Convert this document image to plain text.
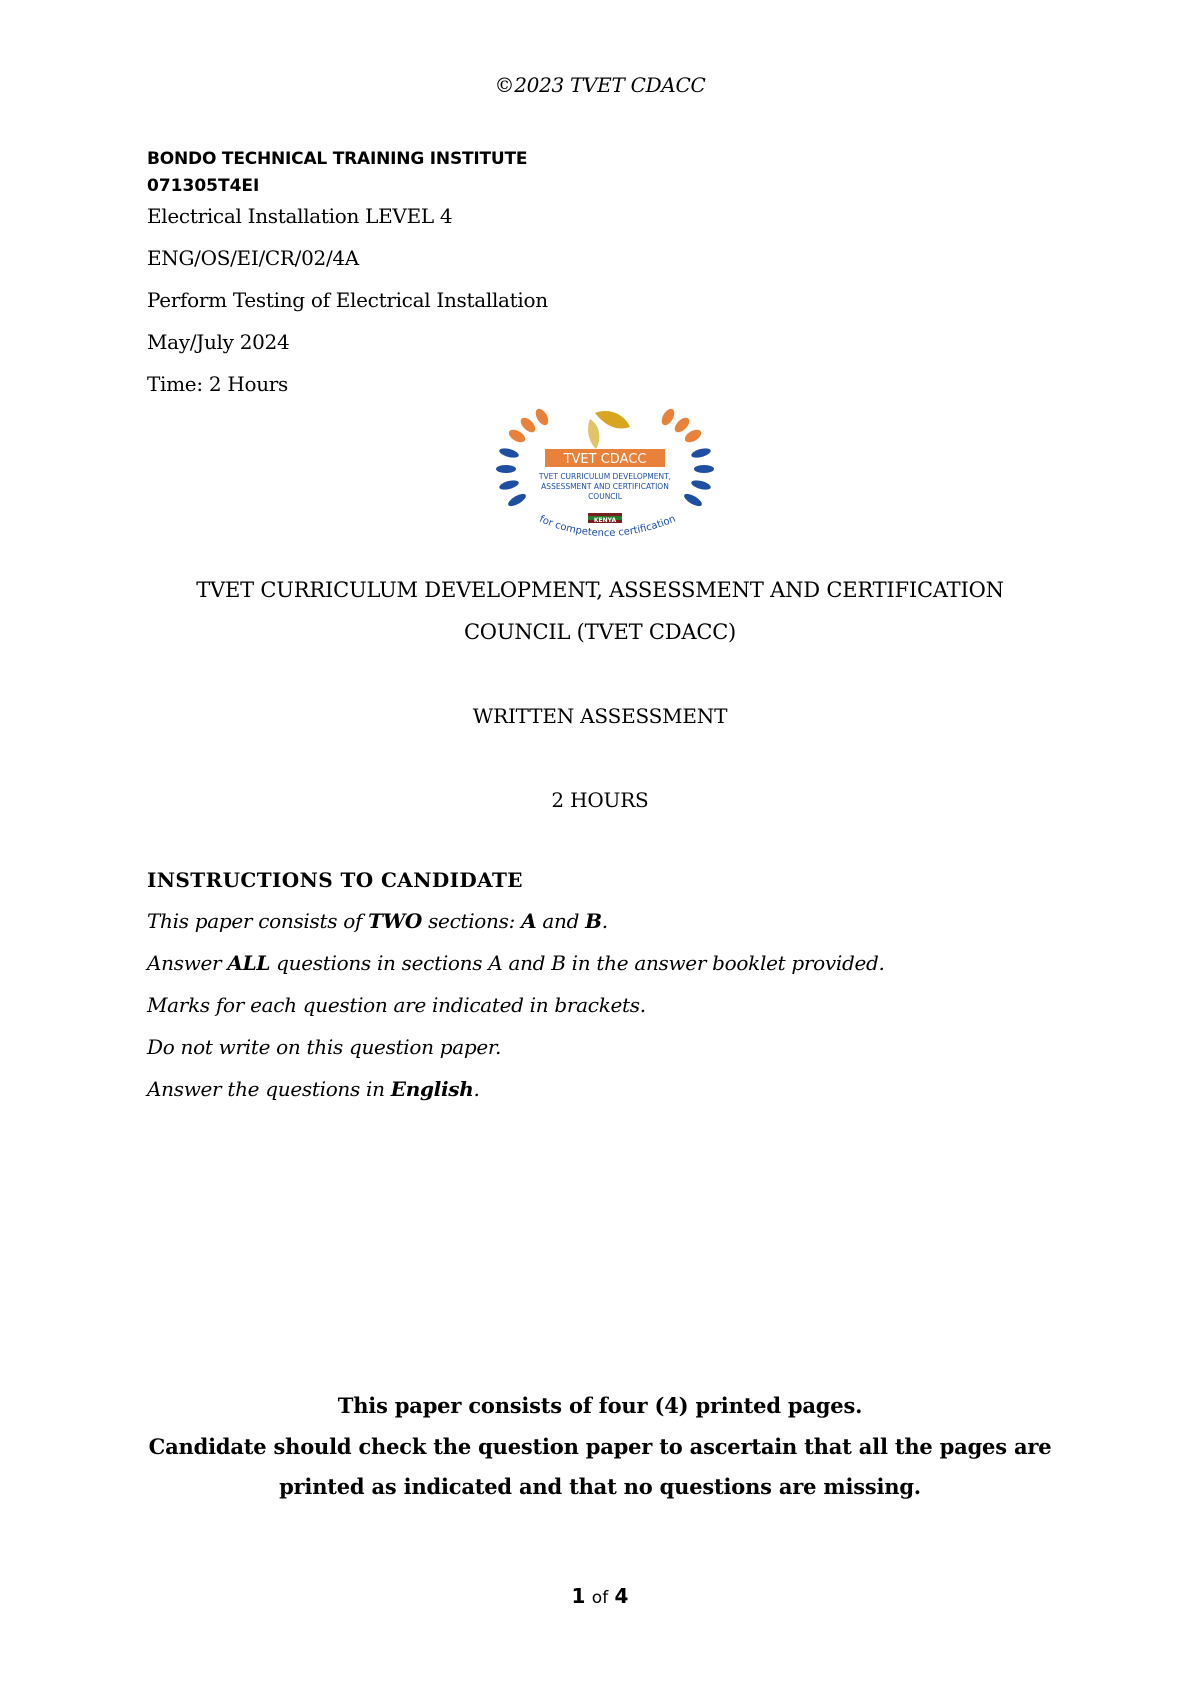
©2023 TVET CDACC
BONDO TECHNICAL TRAINING INSTITUTE
071305T4EI
Electrical Installation LEVEL 4
ENG/OS/EI/CR/02/4A
Perform Testing of Electrical Installation
May/July 2024
Time: 2 Hours
TVET CDACC
TVET CURRICULUM DEVELOPMENT,
ASSESSMENT AND CERTIFICATION
COUNCIL
KENYA
for competence certification
TVET CURRICULUM DEVELOPMENT, ASSESSMENT AND CERTIFICATION
COUNCIL (TVET CDACC)
WRITTEN ASSESSMENT
2 HOURS
INSTRUCTIONS TO CANDIDATE
This paper consists of TWO sections: A and B.
Answer ALL questions in sections A and B in the answer booklet provided.
Marks for each question are indicated in brackets.
Do not write on this question paper.
Answer the questions in English.
This paper consists of four (4) printed pages.
Candidate should check the question paper to ascertain that all the pages are
printed as indicated and that no questions are missing.
1 of 4
